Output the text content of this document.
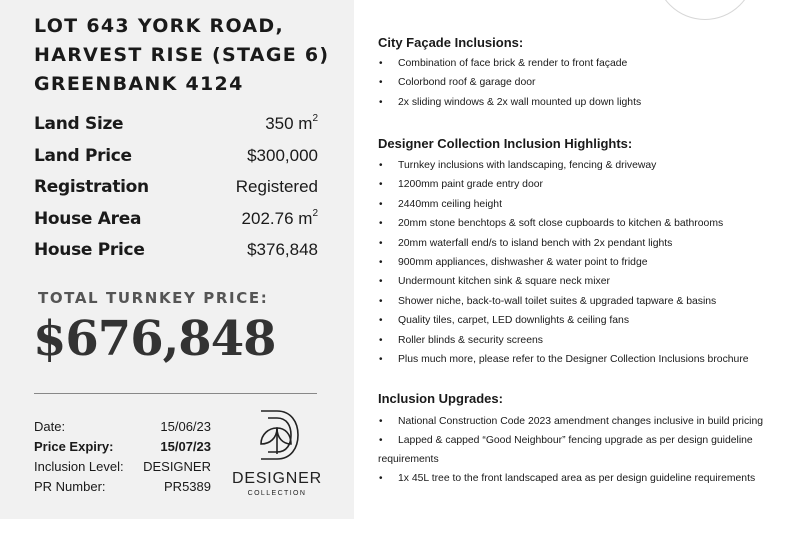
LOT 643 YORK ROAD,
HARVEST RISE (STAGE 6)
GREENBANK 4124
Land Size	350 $m^2$
Land Price	$300,000
Registration	Registered
House Area	202.76 $m^2$
House Price	$376,848
TOTAL TURNKEY PRICE:
$676,848
Date:	15/06/23
Price Expiry:	15/07/23
Inclusion Level: DESIGNER
PR Number:	PR5389 DESIGNER
COLLECTION
City Façade Inclusions:
• Combination of face brick & render to front façade
• Colorbond roof & garage door
• 2x sliding windows & 2x wall mounted up down lights
Designer Collection Inclusion Highlights:
• Turnkey inclusions with landscaping, fencing & driveway
• 1200mm paint grade entry door
• 2440mm ceiling height
• 20mm stone benchtops & soft close cupboards to kitchen & bathrooms
• 20mm waterfall end/s to island bench with 2x pendant lights
• 900mm appliances, dishwasher & water point to fridge
• Undermount kitchen sink & square neck mixer
• Shower niche, back-to-wall toilet suites & upgraded tapware & basins
• Quality tiles, carpet, LED downlights & ceiling fans
• Roller blinds & security screens
• Plus much more, please refer to the Designer Collection Inclusions brochure
Inclusion Upgrades:
• National Construction Code 2023 amendment changes inclusive in build pricing
• Lapped & capped “Good Neighbour” fencing upgrade as per design guideline
requirements
• 1x 45L tree to the front landscaped area as per design guideline requirements
